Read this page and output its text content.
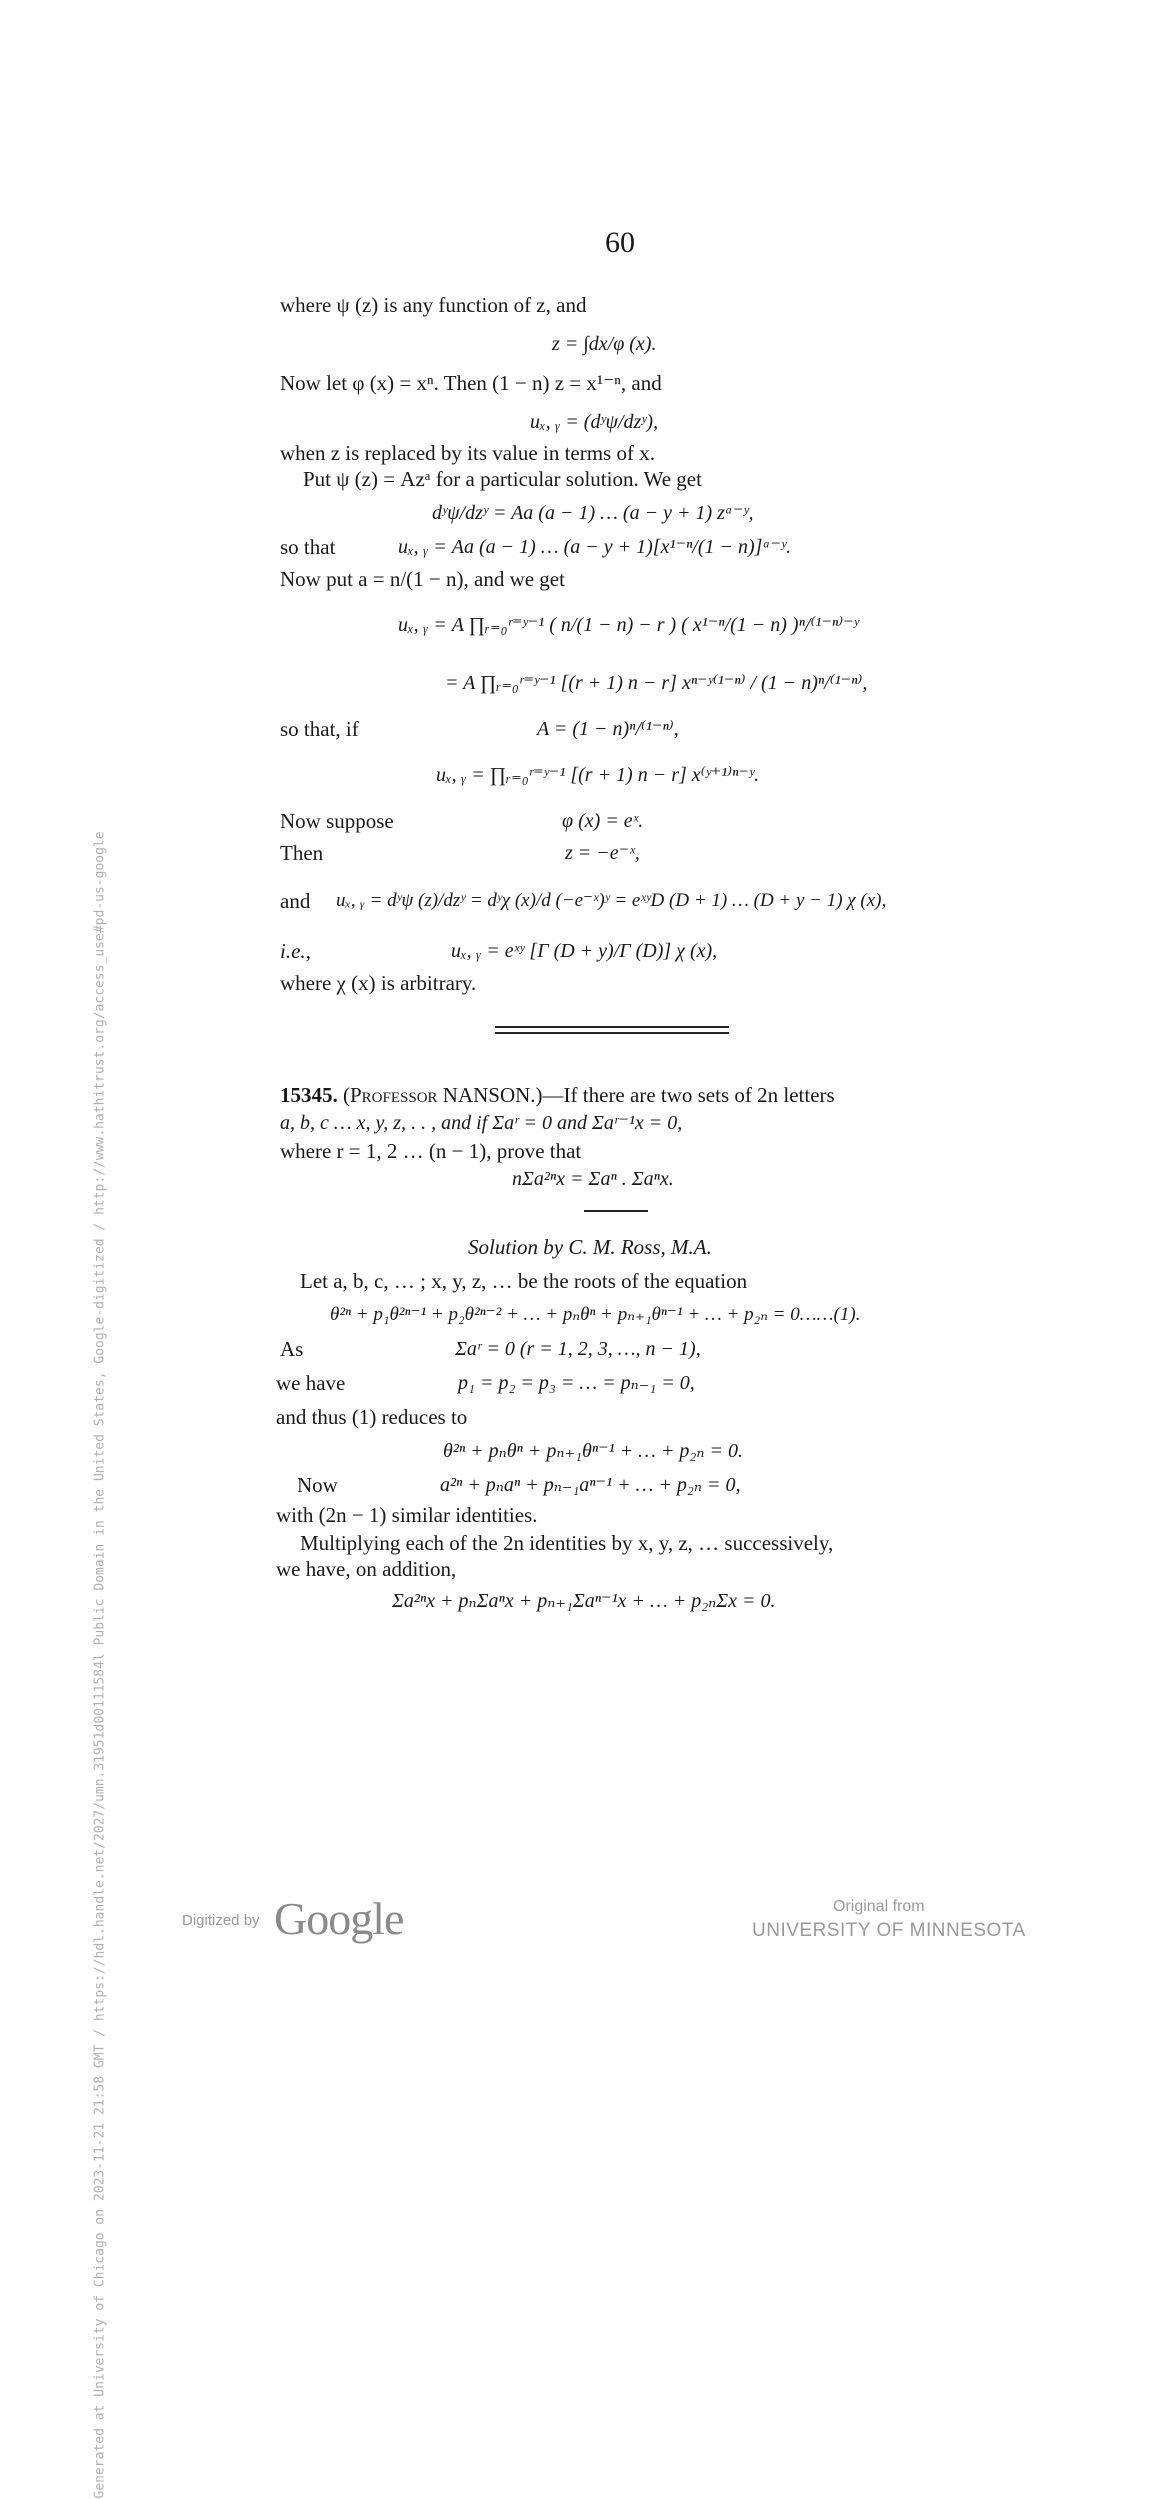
60
where ψ (z) is any function of z, and
z = ∫dx/φ (x).
Now let φ (x) = xⁿ. Then (1 − n) z = x¹⁻ⁿ, and
uₓ, ᵧ = (dʸψ/dzʸ),
when z is replaced by its value in terms of x.
Put ψ (z) = Azᵃ for a particular solution. We get
dʸψ/dzʸ = Aa (a − 1) … (a − y + 1) zᵃ⁻ʸ,
so that	uₓ, ᵧ = Aa (a − 1) … (a − y + 1)[x¹⁻ⁿ/(1 − n)]ᵃ⁻ʸ.
Now put a = n/(1 − n), and we get
uₓ, ᵧ = A ∏ᵣ₌₀ʳ⁼ʸ⁻¹ ( n/(1 − n) − r ) ( x¹⁻ⁿ/(1 − n) )ⁿ/⁽¹⁻ⁿ⁾⁻ʸ
= A ∏ᵣ₌₀ʳ⁼ʸ⁻¹ [(r + 1) n − r] xⁿ⁻ʸ⁽¹⁻ⁿ⁾ / (1 − n)ⁿ/⁽¹⁻ⁿ⁾,
so that, if	A = (1 − n)ⁿ/⁽¹⁻ⁿ⁾,
uₓ, ᵧ = ∏ᵣ₌₀ʳ⁼ʸ⁻¹ [(r + 1) n − r] x⁽ʸ⁺¹⁾ⁿ⁻ʸ.
Now suppose	φ (x) = eˣ.
Then	z = −e⁻ˣ,
and uₓ, ᵧ = dʸψ (z)/dzʸ = dʸχ (x)/d (−e⁻ˣ)ʸ = eˣʸD (D + 1) … (D + y − 1) χ (x),
i.e.,	uₓ, ᵧ = eˣʸ [Γ (D + y)/Γ (D)] χ (x),
where χ (x) is arbitrary.
15345. (Professor NANSON.)—If there are two sets of 2n letters
a, b, c … x, y, z, . . , and if Σaʳ = 0 and Σaʳ⁻¹x = 0,
where r = 1, 2 … (n − 1), prove that
nΣa²ⁿx = Σaⁿ . Σaⁿx.
Solution by C. M. Ross, M.A.
Let a, b, c, … ; x, y, z, … be the roots of the equation
θ²ⁿ + p₁θ²ⁿ⁻¹ + p₂θ²ⁿ⁻² + … + pₙθⁿ + pₙ₊₁θⁿ⁻¹ + … + p₂ₙ = 0……(1).
As	Σaʳ = 0 (r = 1, 2, 3, …, n − 1),
we have	p₁ = p₂ = p₃ = … = pₙ₋₁ = 0,
and thus (1) reduces to
θ²ⁿ + pₙθⁿ + pₙ₊₁θⁿ⁻¹ + … + p₂ₙ = 0.
Now	a²ⁿ + pₙaⁿ + pₙ₋₁aⁿ⁻¹ + … + p₂ₙ = 0,
with (2n − 1) similar identities.
Multiplying each of the 2n identities by x, y, z, … successively,
we have, on addition,
Σa²ⁿx + pₙΣaⁿx + pₙ₊₁Σaⁿ⁻¹x + … + p₂ₙΣx = 0.
Generated at University of Chicago on 2023-11-21 21:58 GMT / https://hdl.handle.net/2027/umn.31951d00111584l Public Domain in the United States, Google-digitized / http://www.hathitrust.org/access_use#pd-us-google	Digitized by Google	Original from
UNIVERSITY OF MINNESOTA
